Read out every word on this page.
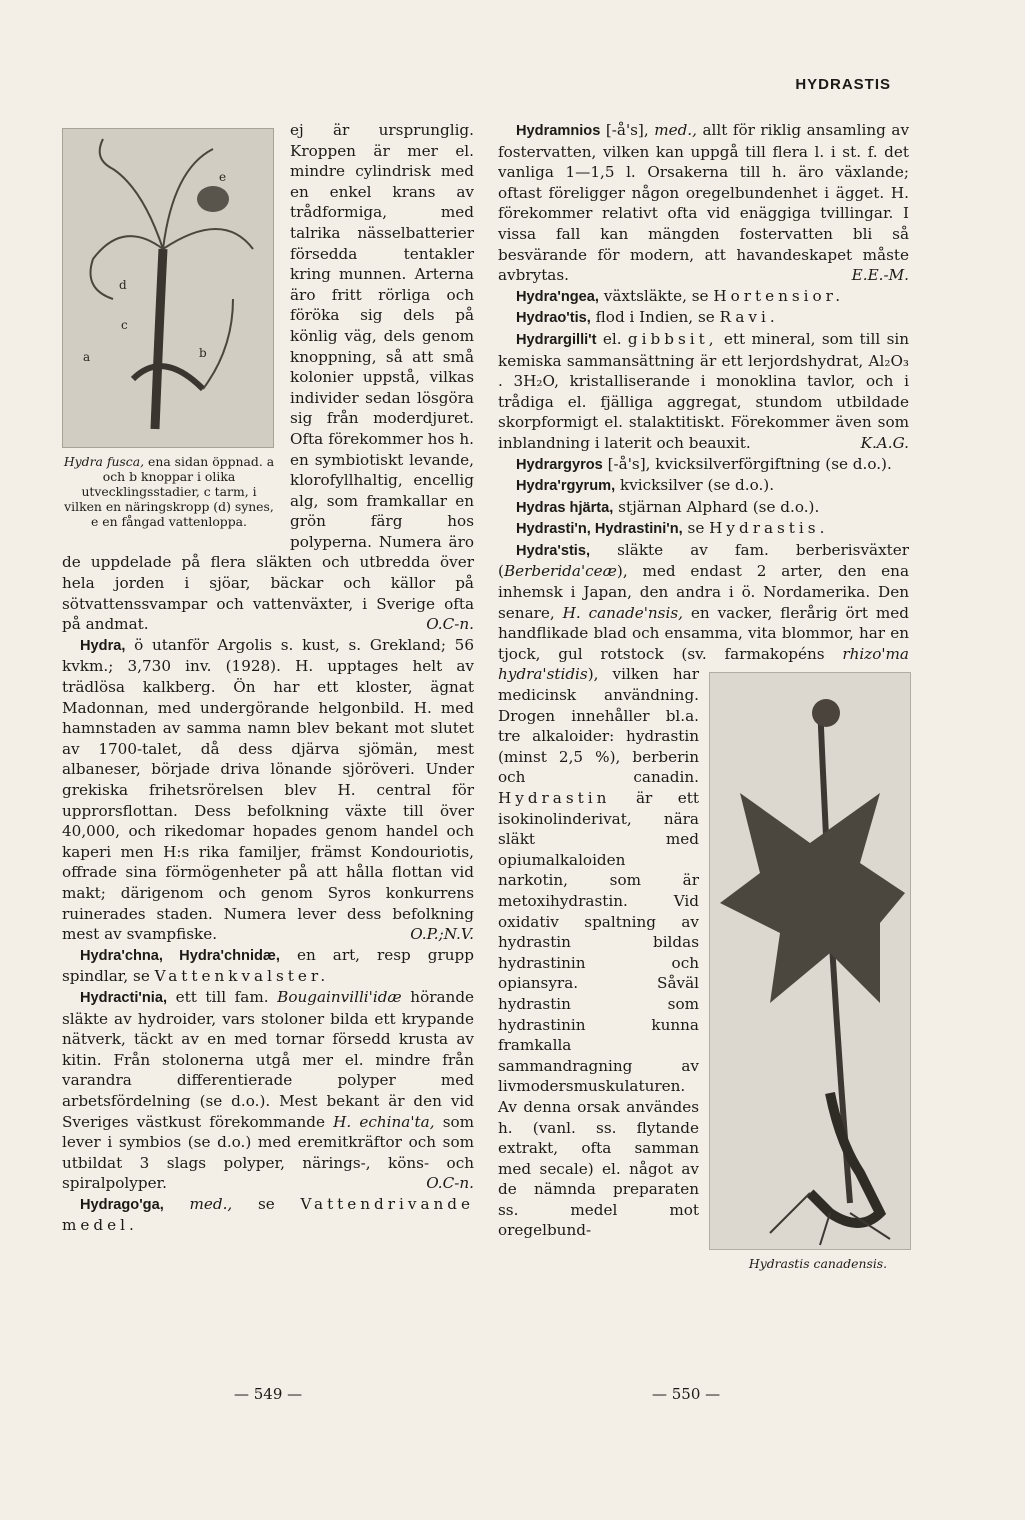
HYDRASTIS

e
d
c
a	b
Hydra fusca, ena sidan öppnad. a och b knoppar i olika utvecklingsstadier, c tarm, i vilken en näringskropp (d) synes, e en fångad vattenloppa.
ej är ursprunglig. Kroppen är mer el. mindre cylindrisk med en enkel krans av trådformiga, med talrika nässelbatterier försedda tentakler kring munnen. Arterna äro fritt rörliga och föröka sig dels på könlig väg, dels genom knoppning, så att små kolonier uppstå, vilkas individer sedan lösgöra sig från moderdjuret. Ofta förekommer hos h. en symbiotiskt levande, klorofyllhaltig, encellig alg, som framkallar en grön färg hos polyperna. Numera äro de uppdelade på flera släkten och utbredda över hela jorden i sjöar, bäckar och källor på sötvattenssvampar och vattenväxter, i Sverige ofta på andmat.	O.C-n.

Hydra, ö utanför Argolis s. kust, s. Grekland; 56 kvkm.; 3,730 inv. (1928). H. upptages helt av trädlösa kalkberg. Ön har ett kloster, ägnat Madonnan, med undergörande helgonbild. H. med hamnstaden av samma namn blev bekant mot slutet av 1700-talet, då dess djärva sjömän, mest albaneser, började driva lönande sjöröveri. Under grekiska frihetsrörelsen blev H. central för upprorsflottan. Dess befolkning växte till över 40,000, och rikedomar hopades genom handel och kaperi men H:s rika familjer, främst Kondouriotis, offrade sina förmögenheter på att hålla flottan vid makt; därigenom och genom Syros konkurrens ruinerades staden. Numera lever dess befolkning mest av svampfiske.	O.P.;N.V.

Hydra'chna, Hydra'chnidæ, en art, resp grupp spindlar, se Vattenkvalster.

Hydracti'nia, ett till fam. Bougainvilli'idæ hörande släkte av hydroider, vars stoloner bilda ett krypande nätverk, täckt av en med tornar försedd krusta av kitin. Från stolonerna utgå mer el. mindre från varandra differentierade polyper med arbetsfördelning (se d.o.). Mest bekant är den vid Sveriges västkust förekommande H. echina'ta, som lever i symbios (se d.o.) med eremitkräftor och som utbildat 3 slags polyper, närings-, köns- och spiralpolyper.	O.C-n.

Hydrago'ga, med., se Vattendrivande medel.

Hydramnios [-å's], med., allt för riklig ansamling av fostervatten, vilken kan uppgå till flera l. i st. f. det vanliga 1—1,5 l. Orsakerna till h. äro växlande; oftast föreligger någon oregelbundenhet i ägget. H. förekommer relativt ofta vid enäggiga tvillingar. I vissa fall kan mängden fostervatten bli så besvärande för modern, att havandeskapet måste avbrytas.	E.E.-M.

Hydra'ngea, växtsläkte, se Hortensior.

Hydrao'tis, flod i Indien, se Ravi.

Hydrargilli't el. gibbsit, ett mineral, som till sin kemiska sammansättning är ett lerjordshydrat, Al₂O₃ . 3H₂O, kristalliserande i monoklina tavlor, och i trådiga el. fjälliga aggregat, stundom utbildade skorpformigt el. stalaktitiskt. Förekommer även som inblandning i laterit och beauxit.	K.A.G.

Hydrargyros [-å's], kvicksilverförgiftning (se d.o.).

Hydra'rgyrum, kvicksilver (se d.o.).

Hydras hjärta, stjärnan Alphard (se d.o.).

Hydrasti'n, Hydrastini'n, se Hydrastis.

Hydra'stis, släkte av fam. berberisväxter (Berberida'ceæ), med endast 2 arter, den ena inhemsk i Japan, den andra i ö. Nordamerika. Den senare, H. canade'nsis, en vacker, flerårig ört med handflikade blad och ensamma, vita blommor, har en tjock, gul rotstock (sv. farmakopéns
Hydrastis canadensis.
rhizo'ma hydra'stidis), vilken har medicinsk användning. Drogen innehåller bl.a. tre alkaloider: hydrastin (minst 2,5 %), berberin och canadin. Hydrastin är ett isokinolinderivat, nära släkt med opiumalkaloiden narkotin, som är metoxihydrastin. Vid oxidativ spaltning av hydrastin bildas hydrastinin och opiansyra. Såväl hydrastin som hydrastinin kunna framkalla sammandragning av livmodersmuskulaturen. Av denna orsak användes h. (vanl. ss. flytande extrakt, ofta samman med secale) el. något av de nämnda preparaten ss. medel mot oregelbund-

— 549 —	— 550 —
